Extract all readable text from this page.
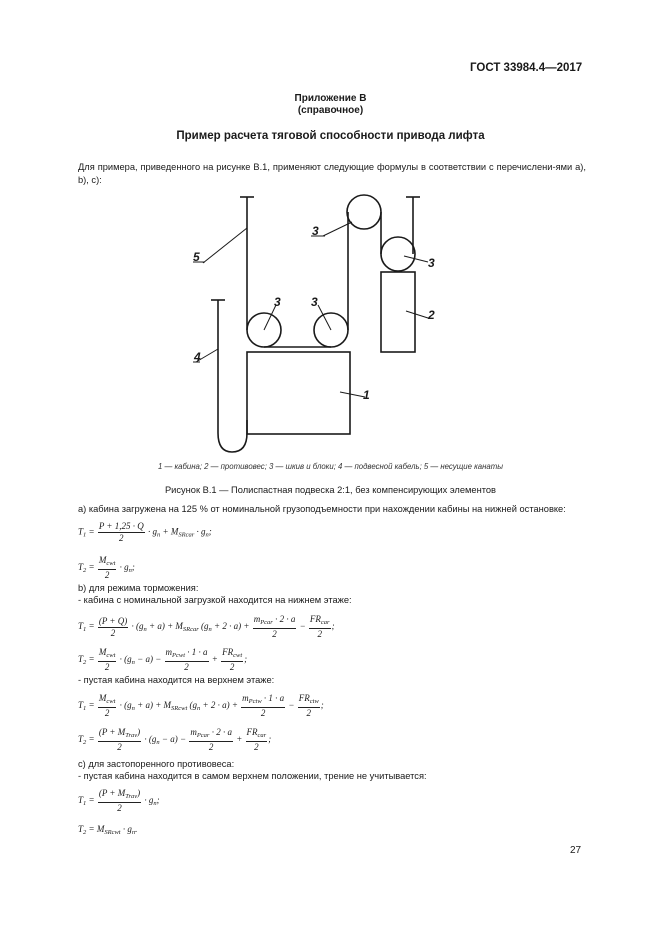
ГОСТ 33984.4—2017
Приложение В
(справочное)
Пример расчета тяговой способности привода лифта
Для примера, приведенного на рисунке В.1, применяют следующие формулы в соответствии с перечислени-ями а), b), с):
5
4
3	3
3
3
2
1
1 — кабина; 2 — противовес; 3 — шкив и блоки; 4 — подвесной кабель; 5 — несущие канаты
Рисунок В.1 — Полиспастная подвеска 2:1, без компенсирующих элементов
а) кабина загружена на 125 % от номинальной грузоподъемности при нахождении кабины на нижней остановке:
$T_1 = \frac{P + 1,25 \cdot Q}{2} \cdot g_n + M_{SRcar} \cdot g_n$;
$T_2 = \frac{M_{cwt}}{2} \cdot g_n$;
b) для режима торможения:
- кабина с номинальной загрузкой находится на нижнем этаже:
$T_1 = \frac{(P + Q)}{2} \cdot (g_n + a) + M_{SRcar}$ $(g_n + 2 \cdot a) + \frac{m_{Pcar} \cdot 2 \cdot a}{2} - \frac{FR_{car}}{2}$ ;
$T_2 = \frac{M_{cwt}}{2} \cdot (g_n - a) - \frac{m_{Pcwt} \cdot 1 \cdot a}{2} + \frac{FR_{cwt}}{2}$ ;
- пустая кабина находится на верхнем этаже:
$T_1 = \frac{M_{cwt}}{2} \cdot (g_n + a) + M_{SRcwt}$ $(g_n + 2 \cdot a) + \frac{m_{Pctw} \cdot 1 \cdot a}{2} - \frac{FR_{ctw}}{2}$ ;
$T_2 = \frac{(P + M_{Trav})}{2} \cdot (g_n - a) - \frac{m_{Pcar} \cdot 2 \cdot a}{2} + \frac{FR_{car}}{2}$ ;
с) для застопоренного противовеса:
- пустая кабина находится в самом верхнем положении, трение не учитывается:
$T_1 = \frac{(P + M_{Trav})}{2} \cdot g_n$;
$T_2 = M_{SRcwt} \cdot g_n$.
27
